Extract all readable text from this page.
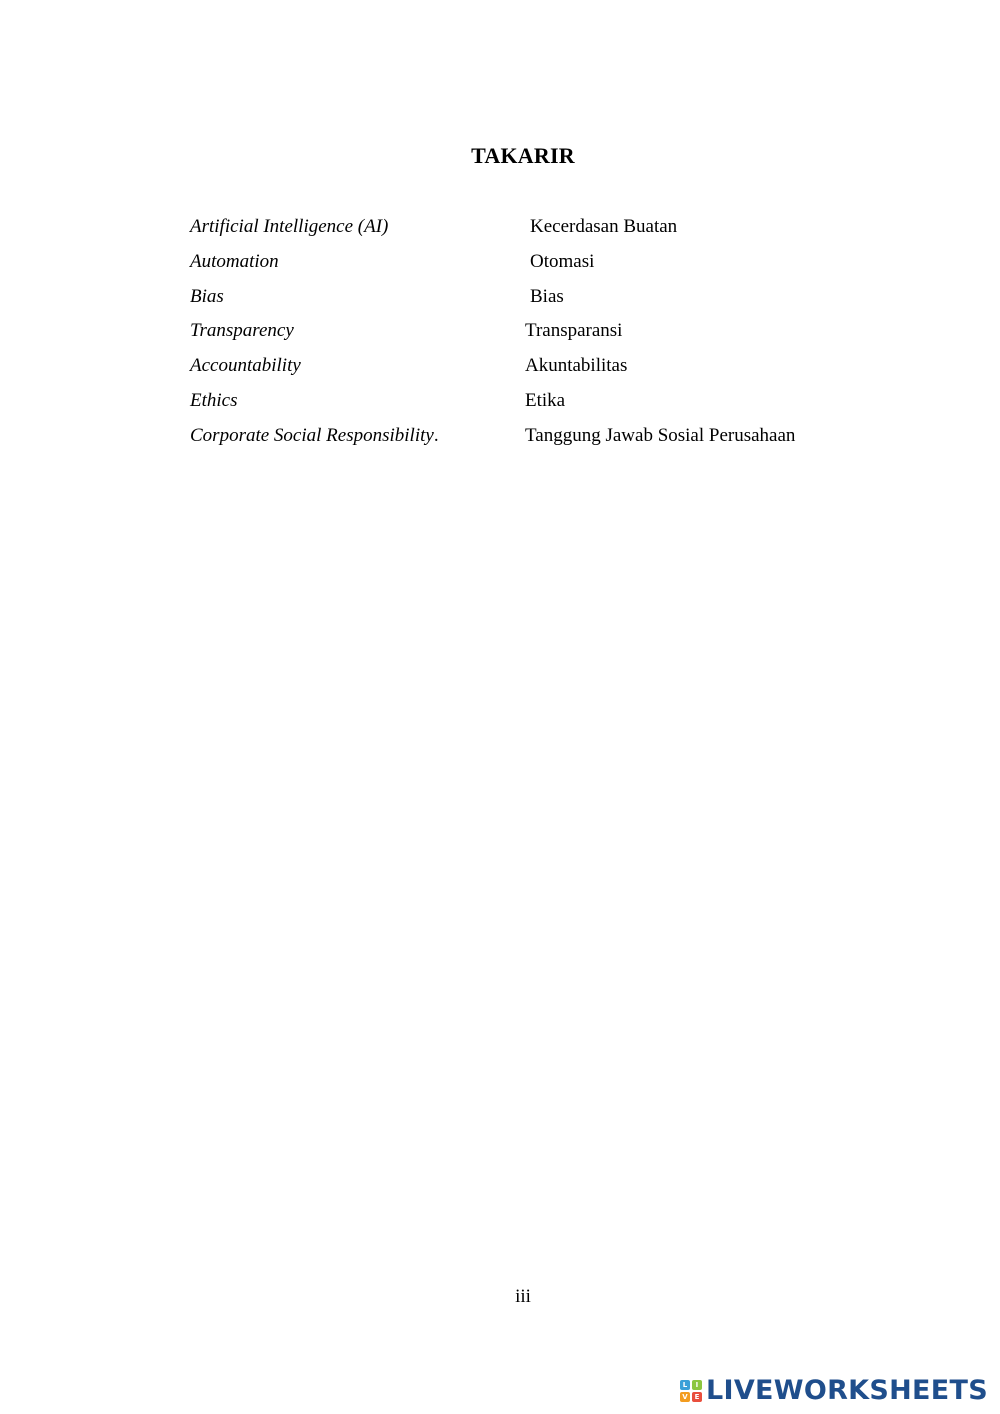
TAKARIR
Artificial Intelligence (AI)	Kecerdasan Buatan
Automation	Otomasi
Bias	Bias
Transparency	Transparansi
Accountability	Akuntabilitas
Ethics	Etika
Corporate Social Responsibility.	Tanggung Jawab Sosial Perusahaan
iii
L	I
V E LIVEWORKSHEETS
